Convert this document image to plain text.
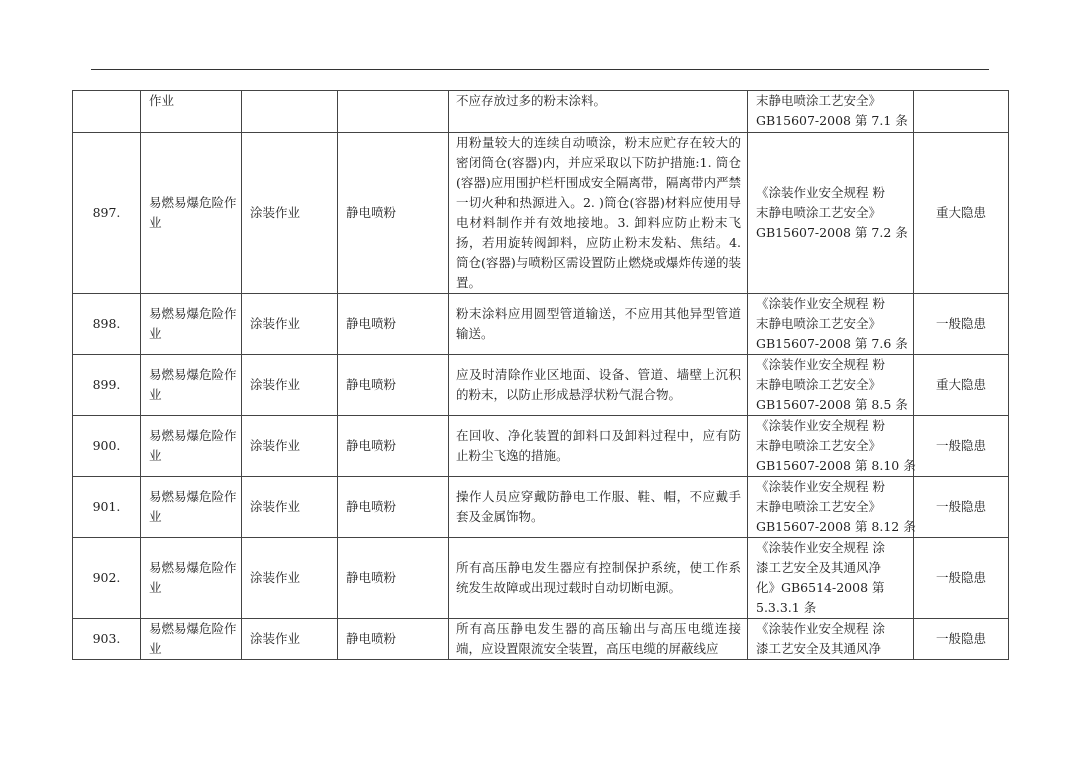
	作业			不应存放过多的粉末涂料。	末静电喷涂工艺安全》
GB15607-2008 第 7.1 条	

897.	易燃易爆危险作业	涂装作业	静电喷粉	用粉量较大的连续自动喷涂，粉末应贮存在较大的密闭筒仓(容器)内，并应采取以下防护措施:1. 筒仓(容器)应用围护栏杆围成安全隔离带，隔离带内严禁一切火种和热源进入。2. )筒仓(容器)材料应使用导电材料制作并有效地接地。3. 卸料应防止粉末飞扬，若用旋转阀卸料，应防止粉末发粘、焦结。4. 筒仓(容器)与喷粉区需设置防止燃烧或爆炸传递的装置。	《涂装作业安全规程 粉
末静电喷涂工艺安全》
GB15607-2008 第 7.2 条	重大隐患
898.	易燃易爆危险作业	涂装作业	静电喷粉	粉末涂料应用圆型管道输送，不应用其他异型管道输送。	《涂装作业安全规程 粉
末静电喷涂工艺安全》
GB15607-2008 第 7.6 条	一般隐患
899.	易燃易爆危险作业	涂装作业	静电喷粉	应及时清除作业区地面、设备、管道、墙壁上沉积的粉末，以防止形成悬浮状粉气混合物。	《涂装作业安全规程 粉
末静电喷涂工艺安全》
GB15607-2008 第 8.5 条	重大隐患
900.	易燃易爆危险作业	涂装作业	静电喷粉	在回收、净化装置的卸料口及卸料过程中，应有防止粉尘飞逸的措施。	《涂装作业安全规程 粉
末静电喷涂工艺安全》
GB15607-2008 第 8.10 条	一般隐患
901.	易燃易爆危险作业	涂装作业	静电喷粉	操作人员应穿戴防静电工作服、鞋、帽，不应戴手套及金属饰物。	《涂装作业安全规程 粉
末静电喷涂工艺安全》
GB15607-2008 第 8.12 条	一般隐患
902.	易燃易爆危险作业	涂装作业	静电喷粉	所有高压静电发生器应有控制保护系统，使工作系统发生故障或出现过载时自动切断电源。	《涂装作业安全规程 涂
漆工艺安全及其通风净
化》GB6514-2008 第
5.3.3.1 条	一般隐患
903.	易燃易爆危险作业	涂装作业	静电喷粉	所有高压静电发生器的高压输出与高压电缆连接端，应设置限流安全装置，高压电缆的屏蔽线应	《涂装作业安全规程 涂
漆工艺安全及其通风净	一般隐患
